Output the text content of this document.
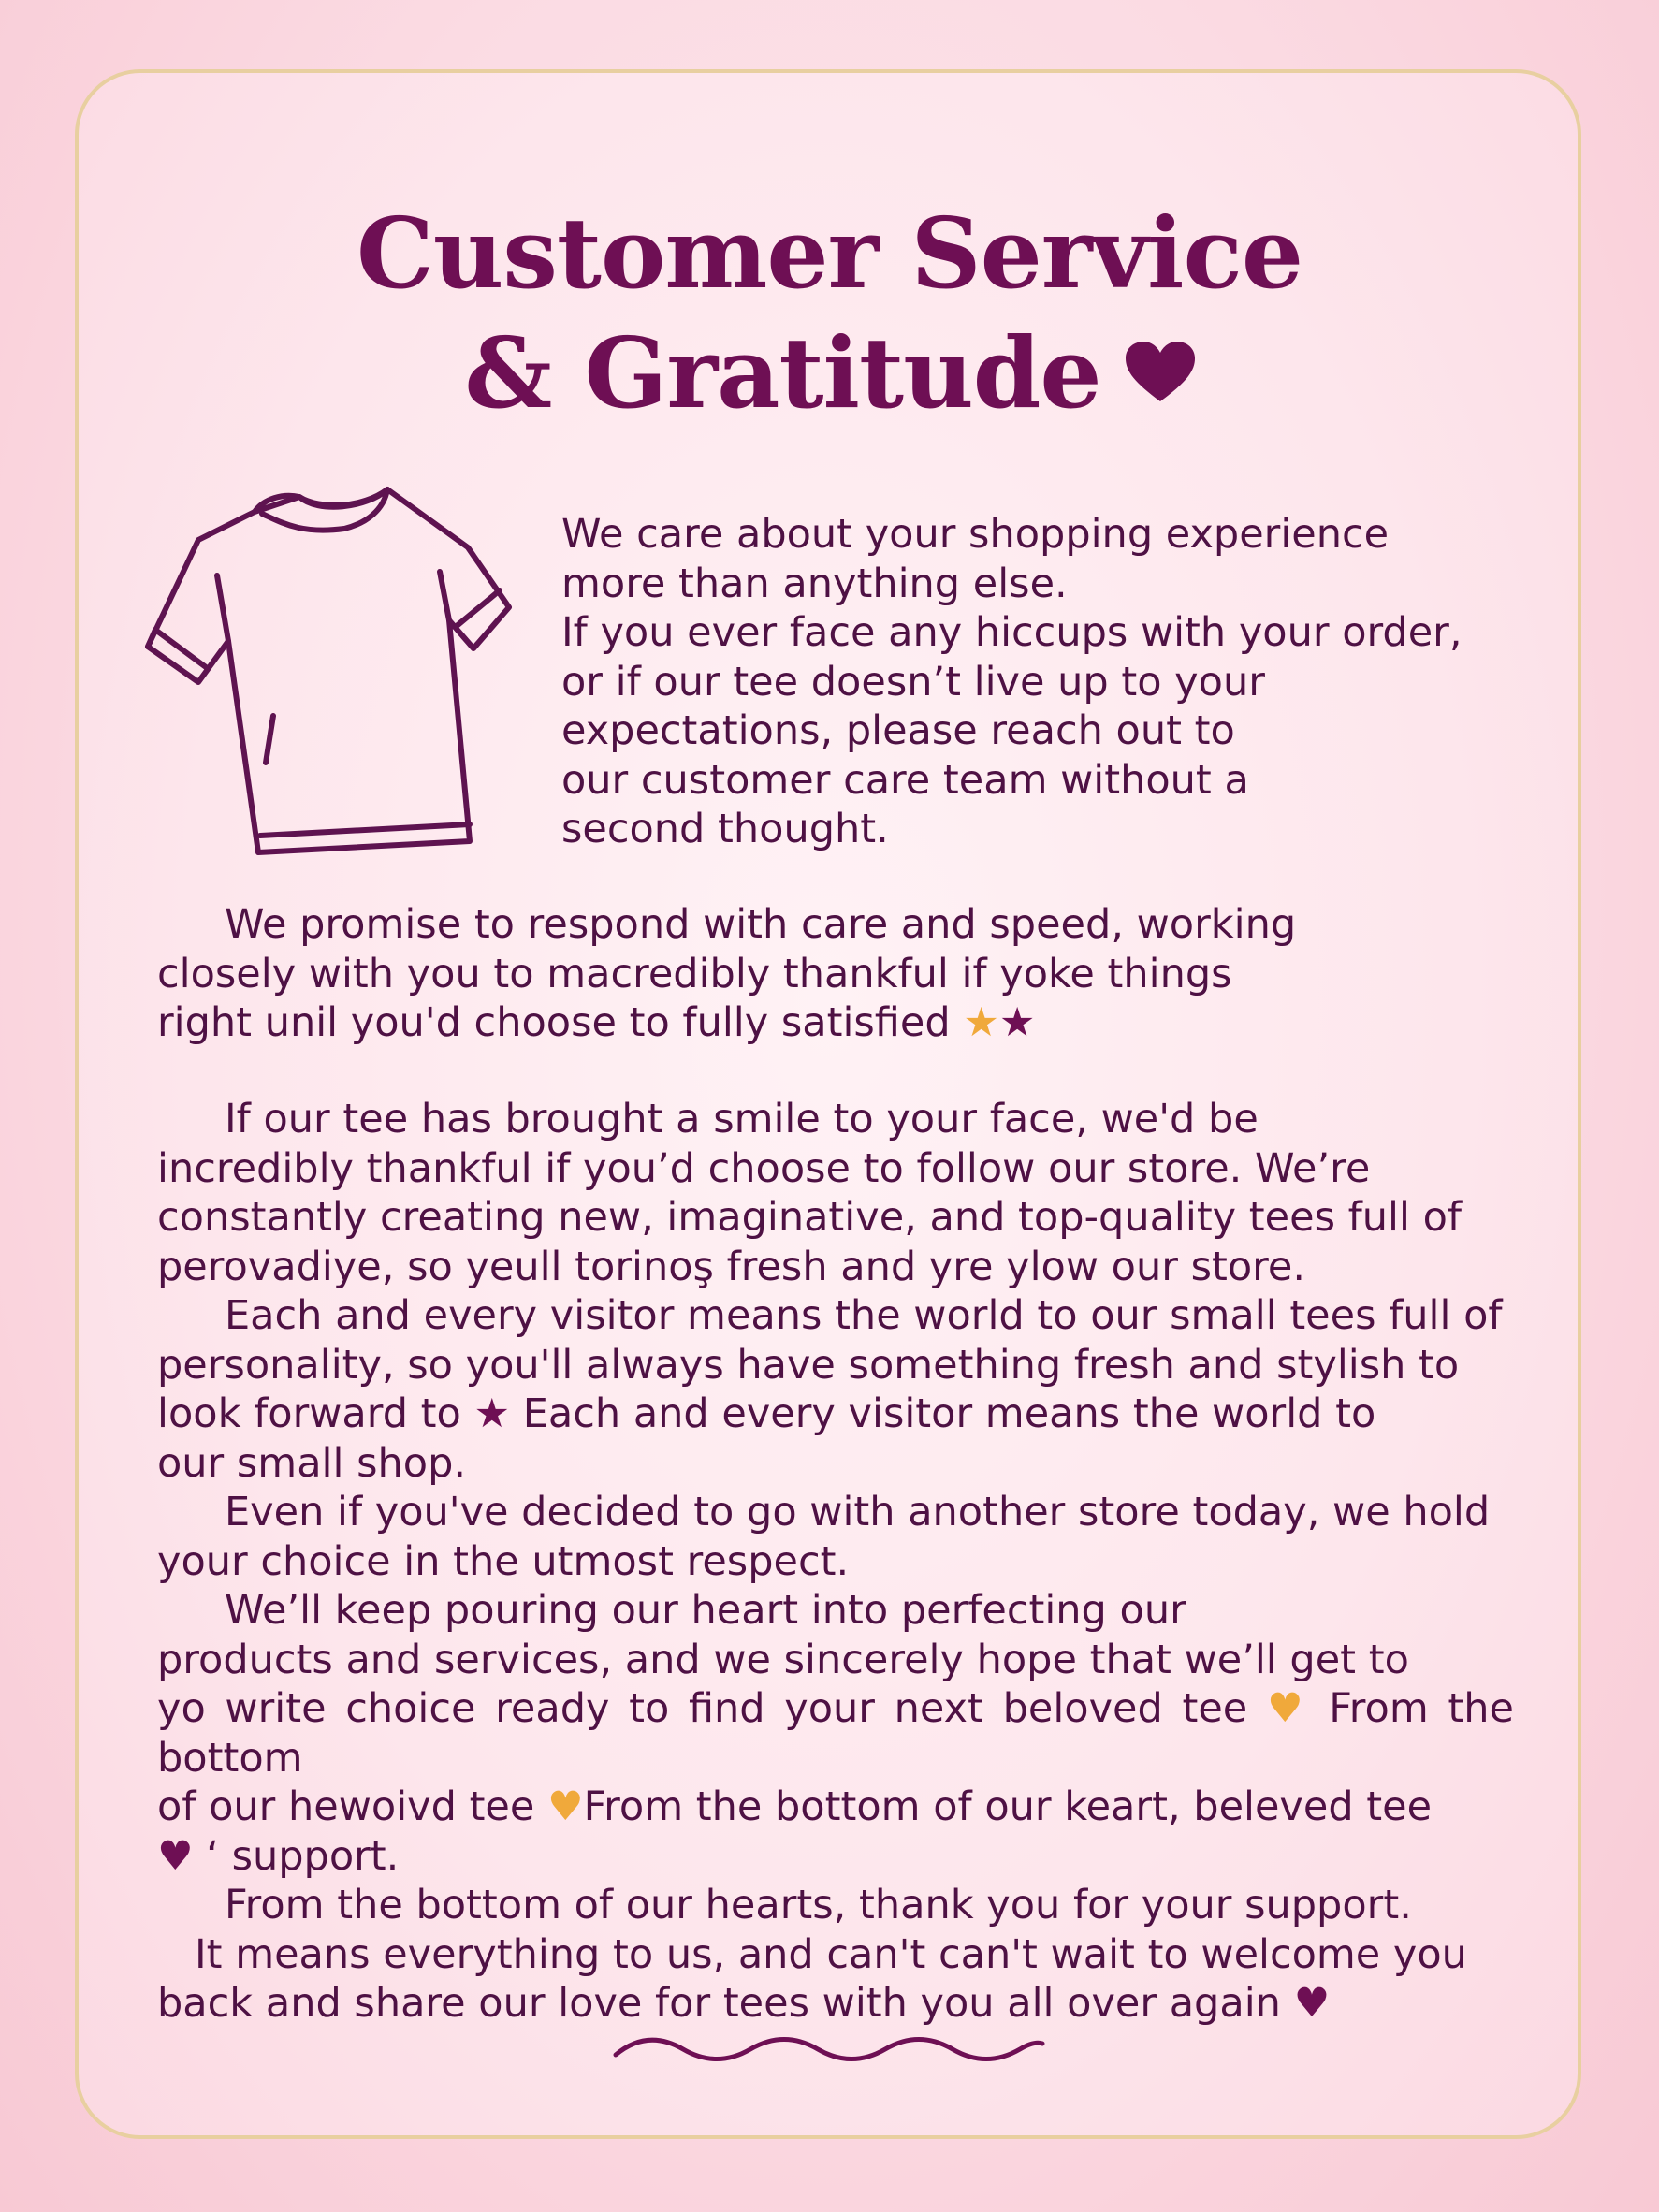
Customer Service
& Gratitude

We care about your shopping experience
more than anything else.
If you ever face any hiccups with your order,
or if our tee doesn’t live up to your
expectations, please reach out to
our customer care team without a
second thought.

We promise to respond with care and speed, working
closely with you to macredibly thankful if yoke things
right unil you'd choose to fully satisfied ★★

If our tee has brought a smile to your face, we'd be
incredibly thankful if you’d choose to follow our store. We’re
constantly creating new, imaginative, and top-quality tees full of
perovadiye, so yeull torinoş fresh and yre ylow our store.
Each and every visitor means the world to our small tees full of
personality, so you'll always have something fresh and stylish to
look forward to ★ Each and every visitor means the world to
our small shop.
Even if you've decided to go with another store today, we hold
your choice in the utmost respect.
We’ll keep pouring our heart into perfecting our
products and services, and we sincerely hope that we’ll get to
yo write choice ready to find your next beloved tee ♥ From the bottom
of our hewoivd tee ♥From the bottom of our keart, beleved tee
♥ ‘ support.
From the bottom of our hearts, thank you for your support.
It means everything to us, and can't can't wait to welcome you
back and share our love for tees with you all over again ♥
